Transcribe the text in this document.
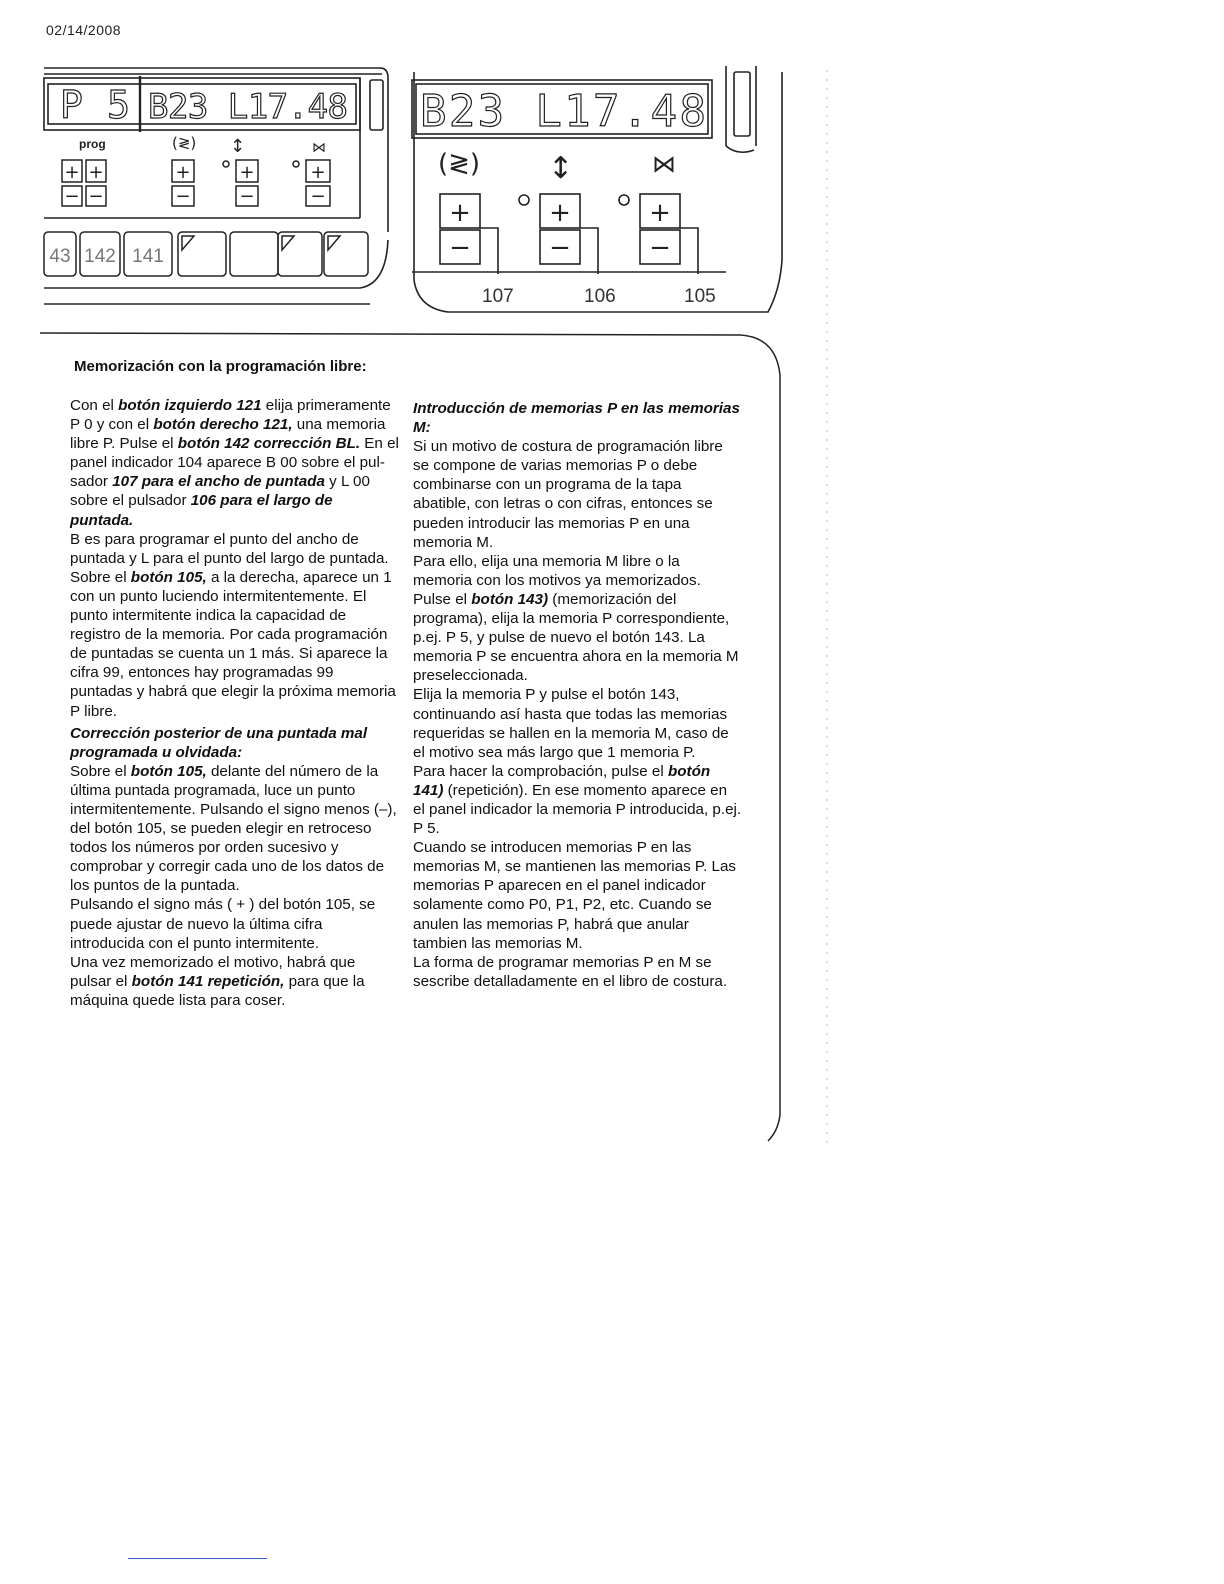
02/14/2008
P 5 B23 L17.48
prog	(≷) ↕	⋈
+ +	+	+	+
− −	−	−	−
43 142 141
B23 L17.48
(≷) ↕	⋈
+	+	+
−	−	−
107	106	105
Memorización con la programación libre:

Con el botón izquierdo 121 elija primeramente P 0 y con el botón derecho 121, una memoria libre P. Pulse el botón 142 corrección BL. En el panel indicador 104 aparece B 00 sobre el pulsador 107 para el ancho de puntada y L 00 sobre el pulsador 106 para el largo de puntada.

B es para programar el punto del ancho de puntada y L para el punto del largo de puntada.

Sobre el botón 105, a la derecha, aparece un 1 con un punto luciendo intermitentemente. El punto intermitente indica la capacidad de registro de la memoria. Por cada programación de puntadas se cuenta un 1 más. Si aparece la cifra 99, entonces hay programadas 99 puntadas y habrá que elegir la próxima memoria P libre.

Corrección posterior de una puntada mal programada u olvidada:

Sobre el botón 105, delante del número de la última puntada programada, luce un punto intermitentemente. Pulsando el signo menos (–), del botón 105, se pueden elegir en retroceso todos los números por orden sucesivo y comprobar y corregir cada uno de los datos de los puntos de la puntada.

Pulsando el signo más ( + ) del botón 105, se puede ajustar de nuevo la última cifra introducida con el punto intermitente.

Una vez memorizado el motivo, habrá que pulsar el botón 141 repetición, para que la máquina quede lista para coser.

Introducción de memorias P en las memorias M:

Si un motivo de costura de programación libre se compone de varias memorias P o debe combinarse con un programa de la tapa abatible, con letras o con cifras, entonces se pueden introducir las memorias P en una memoria M.

Para ello, elija una memoria M libre o la memoria con los motivos ya memorizados. Pulse el botón 143) (memorización del programa), elija la memoria P correspondiente, p.ej. P 5, y pulse de nuevo el botón 143. La memoria P se encuentra ahora en la memoria M preseleccionada.

Elija la memoria P y pulse el botón 143, continuando así hasta que todas las memorias requeridas se hallen en la memoria M, caso de el motivo sea más largo que 1 memoria P.

Para hacer la comprobación, pulse el botón 141) (repetición). En ese momento aparece en el panel indicador la memoria P introducida, p.ej. P 5.

Cuando se introducen memorias P en las memorias M, se mantienen las memorias P. Las memorias P aparecen en el panel indicador solamente como P0, P1, P2, etc. Cuando se anulen las memorias P, habrá que anular tambien las memorias M.

La forma de programar memorias P en M se sescribe detalladamente en el libro de costura.
